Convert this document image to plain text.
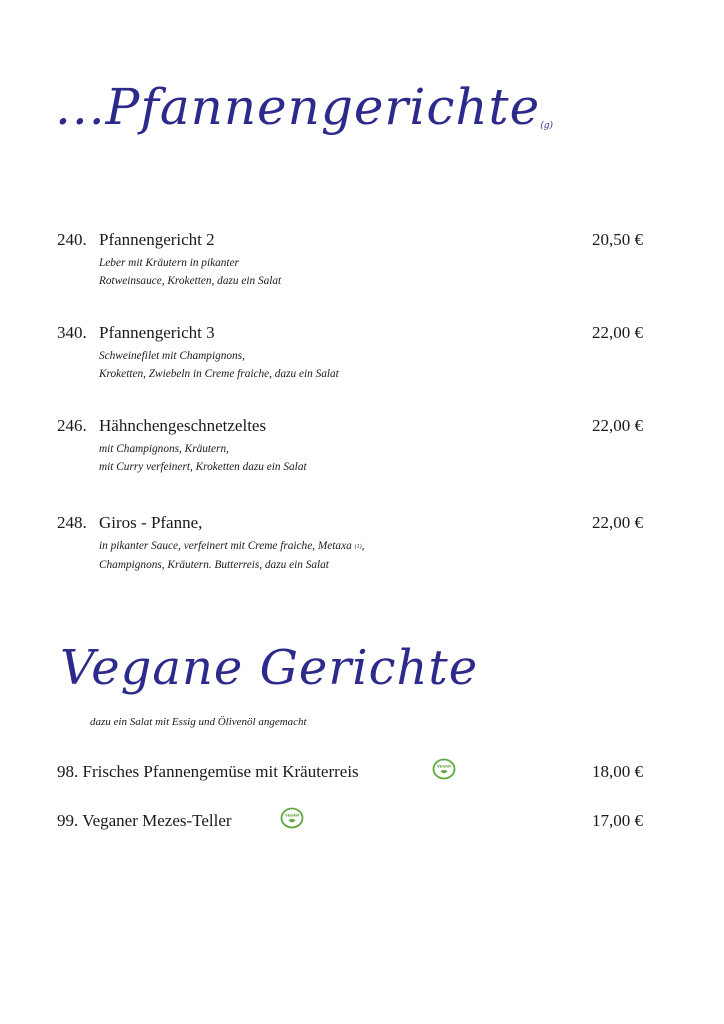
...Pfannengerichte$_{(g)}$
240. Pfannengericht 2	20,50 €
Leber mit Kräutern in pikanter
Rotweinsauce, Kroketten, dazu ein Salat
340. Pfannengericht 3	22,00 €
Schweinefilet mit Champignons,
Kroketten, Zwiebeln in Creme fraiche, dazu ein Salat
246. Hähnchengeschnetzeltes	22,00 €
mit Champignons, Kräutern,
mit Curry verfeinert, Kroketten dazu ein Salat
248. Giros - Pfanne,	22,00 €
in pikanter Sauce, verfeinert mit Creme fraiche, Metaxa (1),
Champignons, Kräutern. Butterreis, dazu ein Salat
Vegane Gerichte
dazu ein Salat mit Essig und Ölivenöl angemacht
98. Frisches Pfannengemüse mit Kräuterreis	VEGAN	18,00 €
99. Veganer Mezes-Teller	VEGAN	17,00 €
